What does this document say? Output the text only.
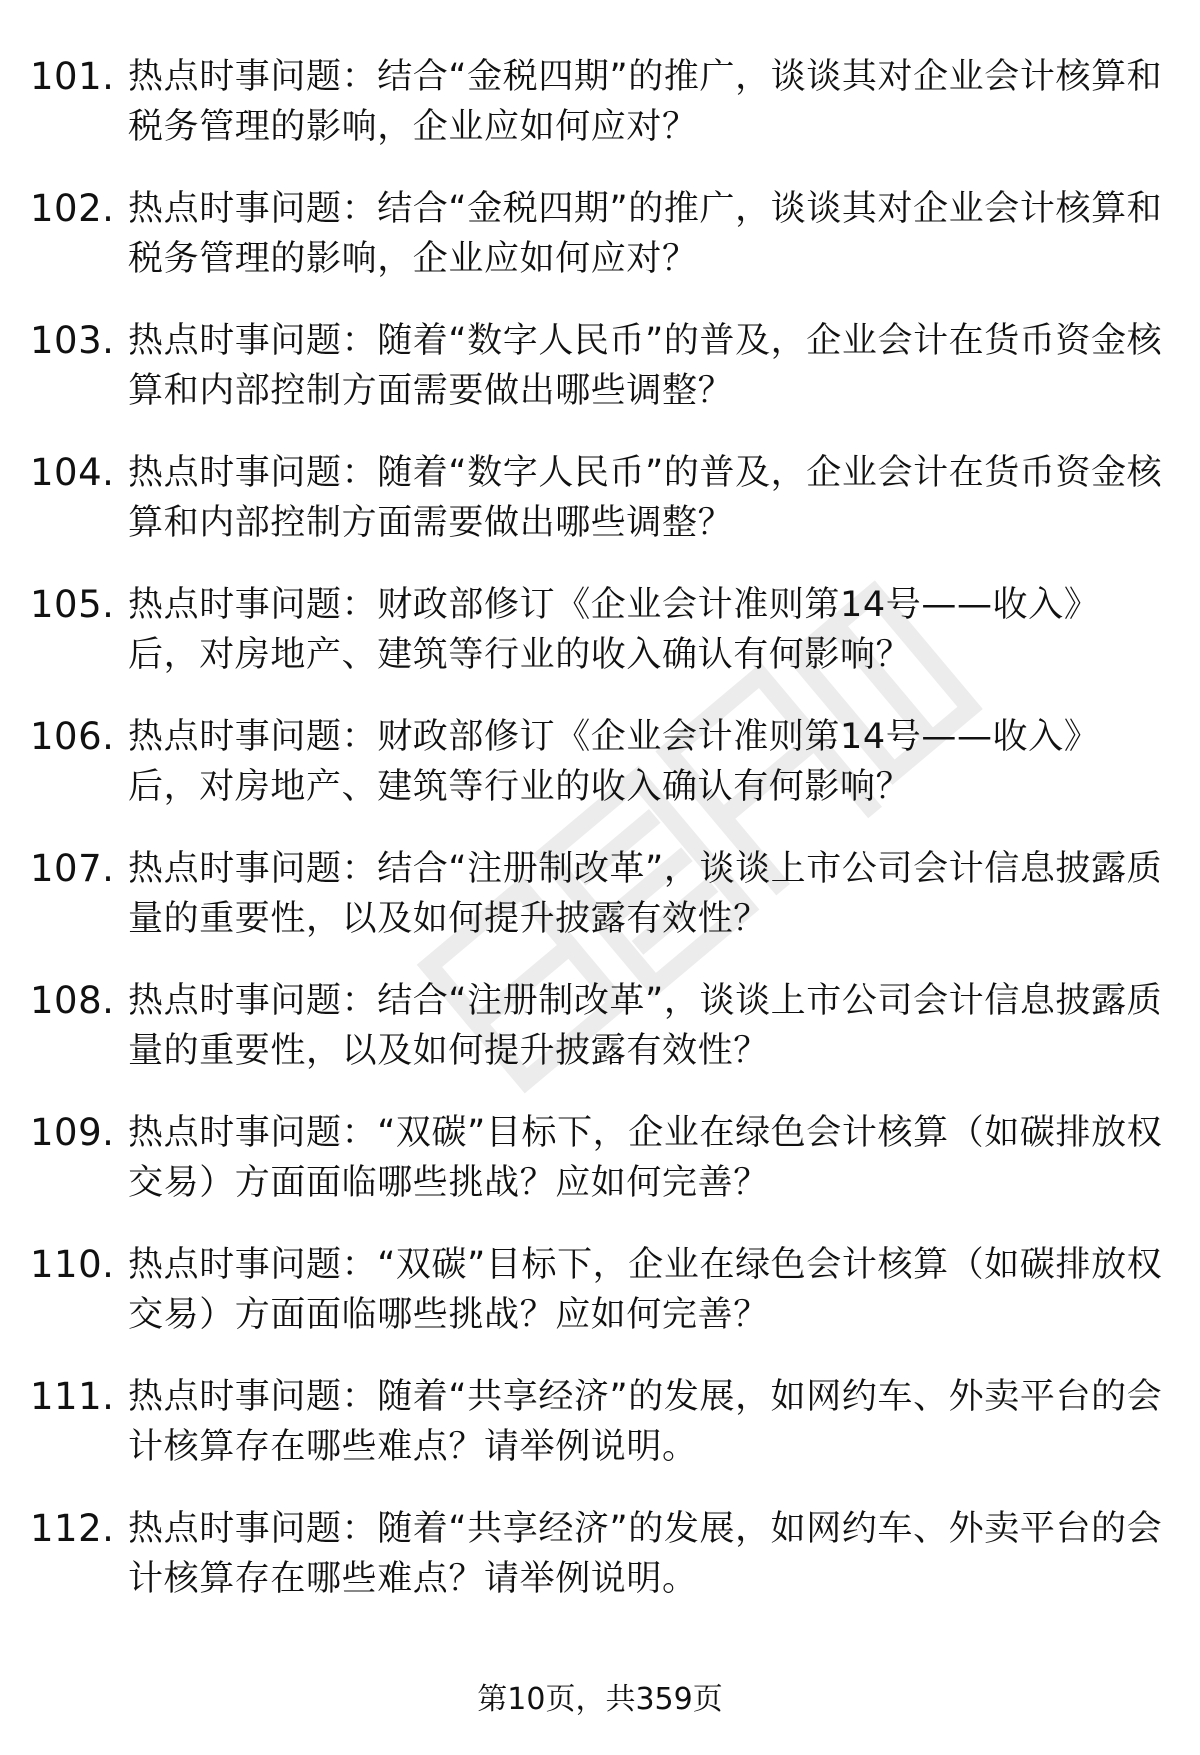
101. 热点时事问题：结合“金税四期”的推广，谈谈其对企业会计核算和税务管理的影响，企业应如何应对？
102. 热点时事问题：结合“金税四期”的推广，谈谈其对企业会计核算和税务管理的影响，企业应如何应对？
103. 热点时事问题：随着“数字人民币”的普及，企业会计在货币资金核算和内部控制方面需要做出哪些调整？
104. 热点时事问题：随着“数字人民币”的普及，企业会计在货币资金核算和内部控制方面需要做出哪些调整？
105. 热点时事问题：财政部修订《企业会计准则第14号——收入》后，对房地产、建筑等行业的收入确认有何影响？
106. 热点时事问题：财政部修订《企业会计准则第14号——收入》后，对房地产、建筑等行业的收入确认有何影响？
107. 热点时事问题：结合“注册制改革”，谈谈上市公司会计信息披露质量的重要性，以及如何提升披露有效性？
108. 热点时事问题：结合“注册制改革”，谈谈上市公司会计信息披露质量的重要性，以及如何提升披露有效性？
109. 热点时事问题：“双碳”目标下，企业在绿色会计核算（如碳排放权交易）方面面临哪些挑战？应如何完善？
110. 热点时事问题：“双碳”目标下，企业在绿色会计核算（如碳排放权交易）方面面临哪些挑战？应如何完善？
111. 热点时事问题：随着“共享经济”的发展，如网约车、外卖平台的会计核算存在哪些难点？请举例说明。
112. 热点时事问题：随着“共享经济”的发展，如网约车、外卖平台的会计核算存在哪些难点？请举例说明。
第10页，共359页
